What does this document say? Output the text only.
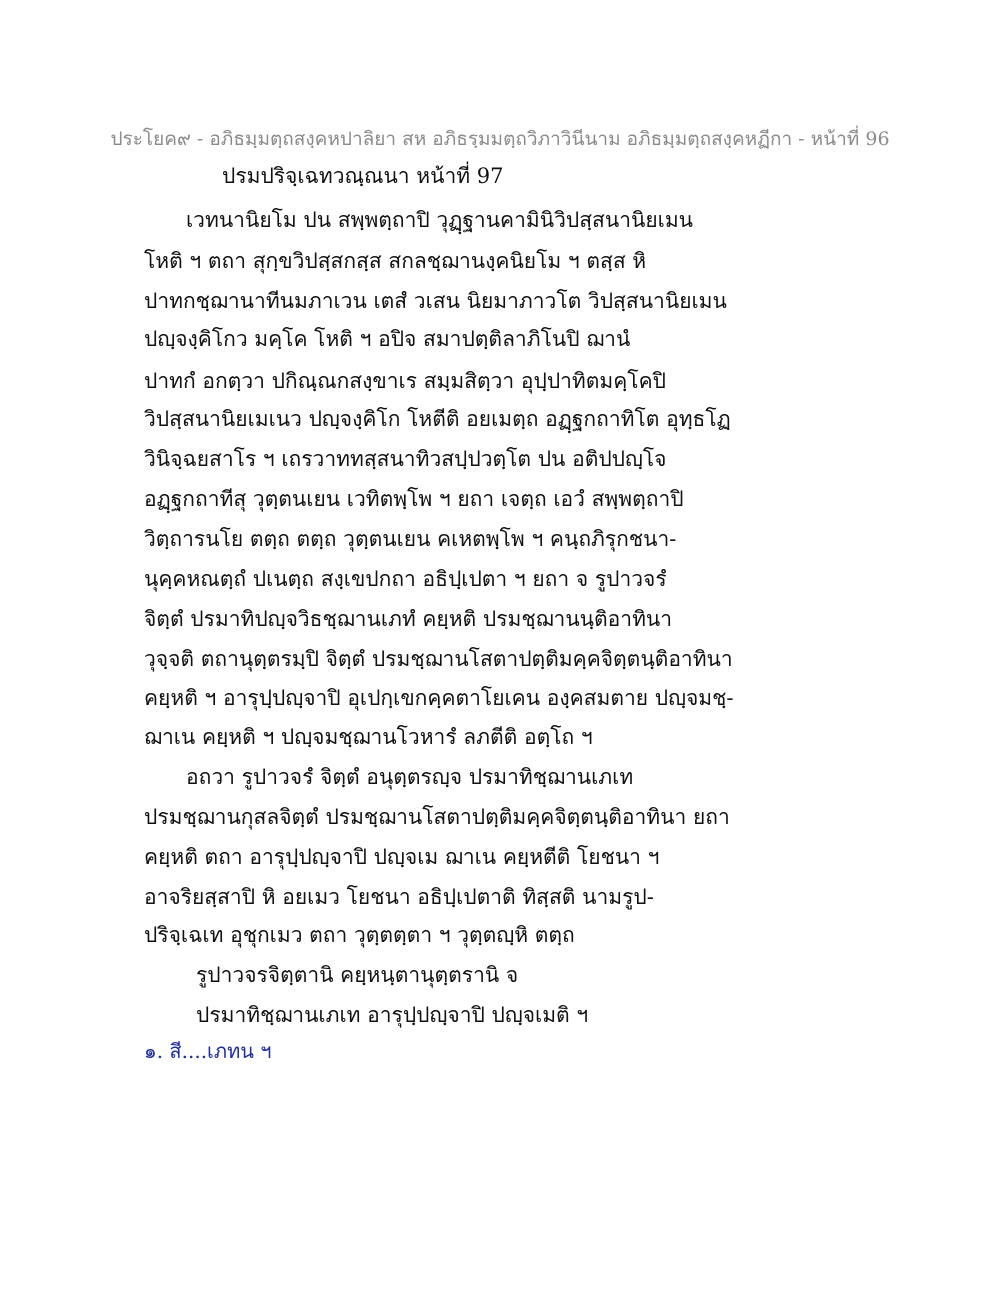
ประโยค๙ - อภิธมฺมตฺถสงฺคหปาลิยา สห อภิธรฺมมตฺถวิภาวินีนาม อภิธมฺมตฺถสงฺคหฏีกา - หน้าที่ 96
ปรมปริจฺเฉทวณฺณนา หน้าที่ 97
เวทนานิยโม ปน สพฺพตฺถาปิ วุฏฺฐานคามินิวิปสฺสนานิยเมน
โหติ ฯ ตถา สุกฺขวิปสฺสกสฺส สกลชฺฌานงฺคนิยโม ฯ ตสฺส หิ
ปาทกชฺฌานาทีนมภาเวน เตสํ วเสน นิยมาภาวโต วิปสฺสนานิยเมน
ปญฺจงฺคิโกว มคฺโค โหติ ฯ อปิจ สมาปตฺติลาภิโนปิ ฌานํ
ปาทกํ อกตฺวา ปกิณฺณกสงฺขาเร สมฺมสิตฺวา อุปฺปาทิตมคฺโคปิ
วิปสฺสนานิยเมเนว ปญฺจงฺคิโก โหตีติ อยเมตฺถ อฏฺฐกถาทิโต อุทฺธโฏ
วินิจฺฉยสาโร ฯ เถรวาททสฺสนาทิวสปฺปวตฺโต ปน อติปปญฺโจ
อฏฺฐกถาทีสุ วุตฺตนเยน เวทิตพฺโพ ฯ ยถา เจตฺถ เอวํ สพฺพตฺถาปิ
วิตฺถารนโย ตตฺถ ตตฺถ วุตฺตนเยน คเหตพฺโพ ฯ คนฺถภิรุกชนา-
นุคฺคหณตฺถํ ปเนตฺถ สงฺเขปกถา อธิปฺเปตา ฯ ยถา จ รูปาวจรํ
จิตฺตํ ปรมาทิปญฺจวิธชฺฌานเภทํ คยฺหติ ปรมชฺฌานนฺติอาทินา
วุจฺจติ ตถานุตฺตรมฺปิ จิตฺตํ ปรมชฺฌานโสตาปตฺติมคฺคจิตฺตนฺติอาทินา
คยฺหติ ฯ อารุปฺปญฺจาปิ อุเปกฺเขกคฺคตาโยเคน องฺคสมตาย ปญฺจมชฺ-
ฌาเน คยฺหติ ฯ ปญฺจมชฺฌานโวหารํ ลภตีติ อตฺโถ ฯ
อถวา รูปาวจรํ จิตฺตํ อนุตฺตรญฺจ ปรมาทิชฺฌานเภเท
ปรมชฺฌานกุสลจิตฺตํ ปรมชฺฌานโสตาปตฺติมคฺคจิตฺตนฺติอาทินา ยถา
คยฺหติ ตถา อารุปฺปญฺจาปิ ปญฺจเม ฌาเน คยฺหตีติ โยชนา ฯ
อาจริยสฺสาปิ หิ อยเมว โยชนา อธิปฺเปตาติ ทิสฺสติ นามรูป-
ปริจฺเฉเท อุชุกเมว ตถา วุตฺตตฺตา ฯ วุตฺตญฺหิ ตตฺถ
รูปาวจรจิตฺตานิ คยฺหนฺตานุตฺตรานิ จ
ปรมาทิชฺฌานเภเท อารุปฺปญฺจาปิ ปญฺจเมติ ฯ
๑. สี....เภทน ฯ
